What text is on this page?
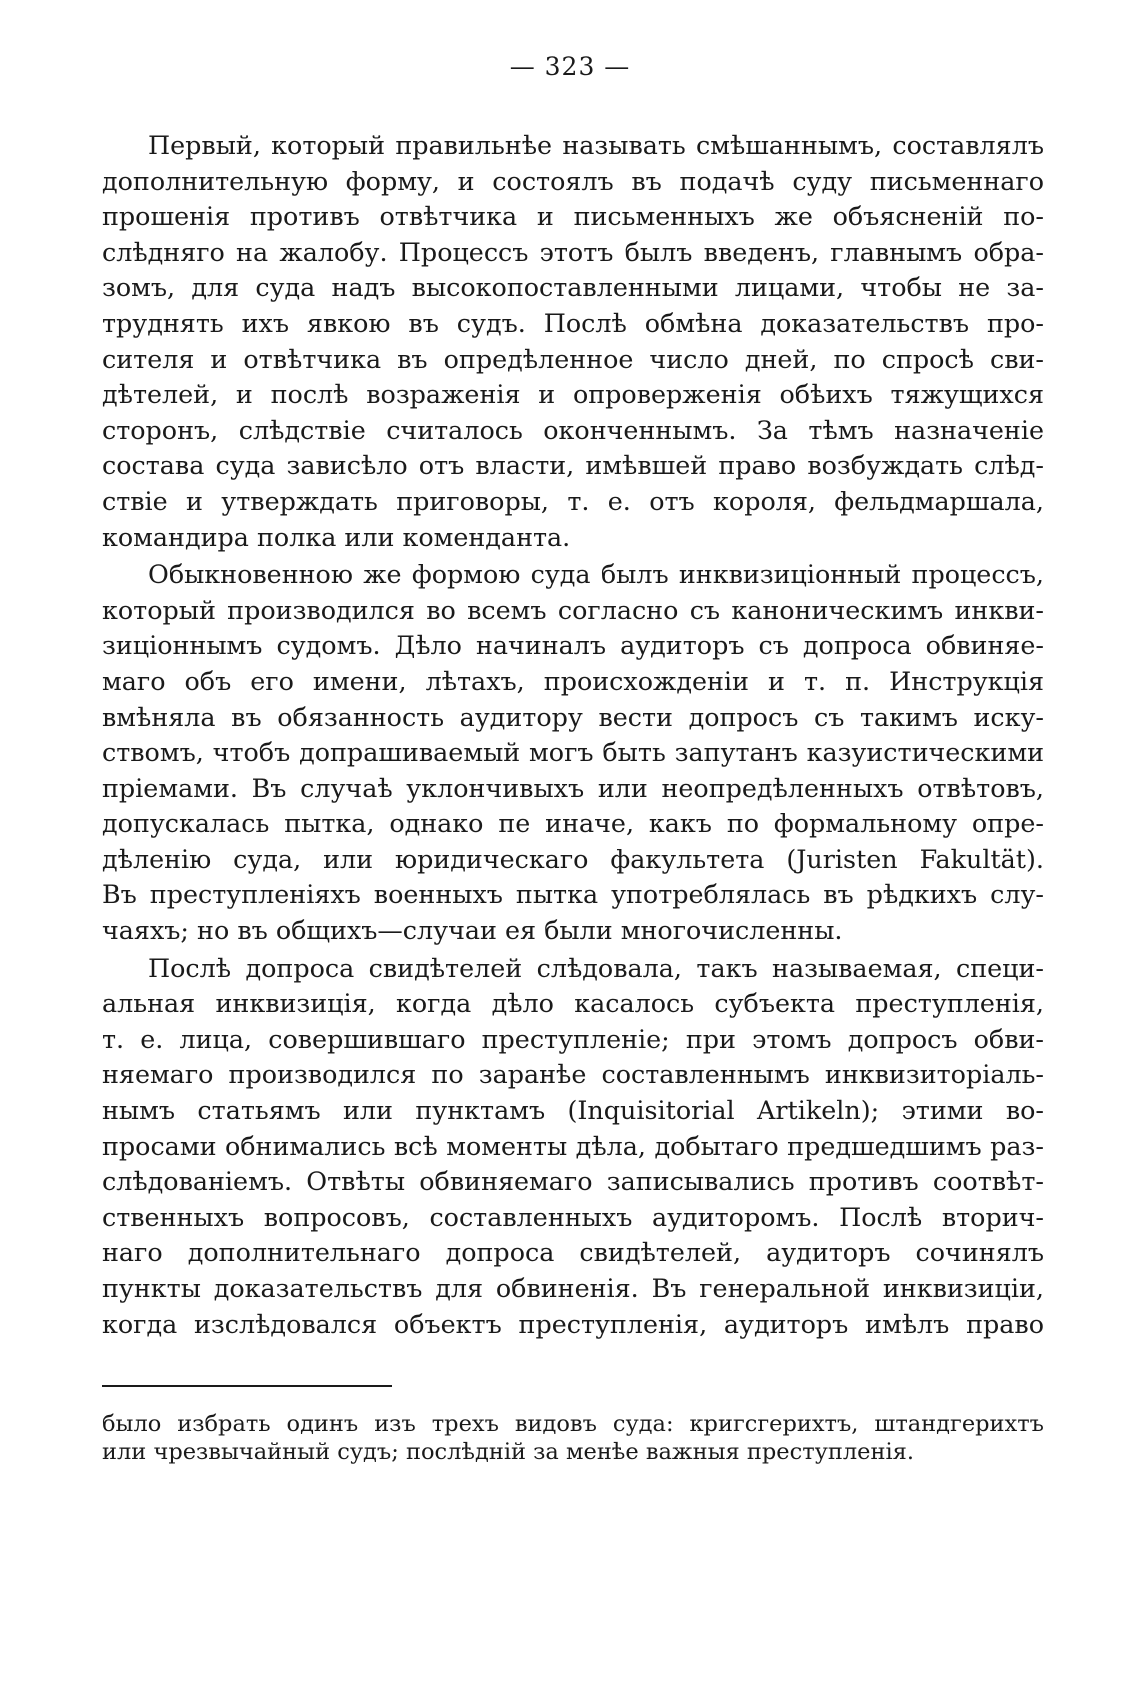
— 323 —

Первый, который правильнѣе называть смѣшаннымъ, составлялъ
дополнительную форму, и состоялъ въ подачѣ суду письменнаго
прошенія противъ отвѣтчика и письменныхъ же объясненій по-
слѣдняго на жалобу. Процессъ этотъ былъ введенъ, главнымъ обра-
зомъ, для суда надъ высокопоставленными лицами, чтобы не за-
труднять ихъ явкою въ судъ. Послѣ обмѣна доказательствъ про-
сителя и отвѣтчика въ опредѣленное число дней, по спросѣ сви-
дѣтелей, и послѣ возраженія и опроверженія обѣихъ тяжущихся
сторонъ, слѣдствіе считалось оконченнымъ. За тѣмъ назначеніе
состава суда зависѣло отъ власти, имѣвшей право возбуждать слѣд-
ствіе и утверждать приговоры, т. е. отъ короля, фельдмаршала,
командира полка или коменданта.

Обыкновенною же формою суда былъ инквизиціонный процессъ,
который производился во всемъ согласно съ каноническимъ инкви-
зиціоннымъ судомъ. Дѣло начиналъ аудиторъ съ допроса обвиняе-
маго объ его имени, лѣтахъ, происхожденіи и т. п. Инструкція
вмѣняла въ обязанность аудитору вести допросъ съ такимъ иску-
ствомъ, чтобъ допрашиваемый могъ быть запутанъ казуистическими
пріемами. Въ случаѣ уклончивыхъ или неопредѣленныхъ отвѣтовъ,
допускалась пытка, однако пе иначе, какъ по формальному опре-
дѣленію суда, или юридическаго факультета (Juristen Fakultät).
Въ преступленіяхъ военныхъ пытка употреблялась въ рѣдкихъ слу-
чаяхъ; но въ общихъ—случаи ея были многочисленны.

Послѣ допроса свидѣтелей слѣдовала, такъ называемая, специ-
альная инквизиція, когда дѣло касалось субъекта преступленія,
т. е. лица, совершившаго преступленіе; при этомъ допросъ обви-
няемаго производился по заранѣе составленнымъ инквизиторіаль-
нымъ статьямъ или пунктамъ (Inquisitorial Artikeln); этими во-
просами обнимались всѣ моменты дѣла, добытаго предшедшимъ раз-
слѣдованіемъ. Отвѣты обвиняемаго записывались противъ соотвѣт-
ственныхъ вопросовъ, составленныхъ аудиторомъ. Послѣ вторич-
наго дополнительнаго допроса свидѣтелей, аудиторъ сочинялъ
пункты доказательствъ для обвиненія. Въ генеральной инквизиціи,
когда изслѣдовался объектъ преступленія, аудиторъ имѣлъ право

было избрать одинъ изъ трехъ видовъ суда: кригсгерихтъ, штандгерихтъ
или чрезвычайный судъ; послѣдній за менѣе важныя преступленія.
